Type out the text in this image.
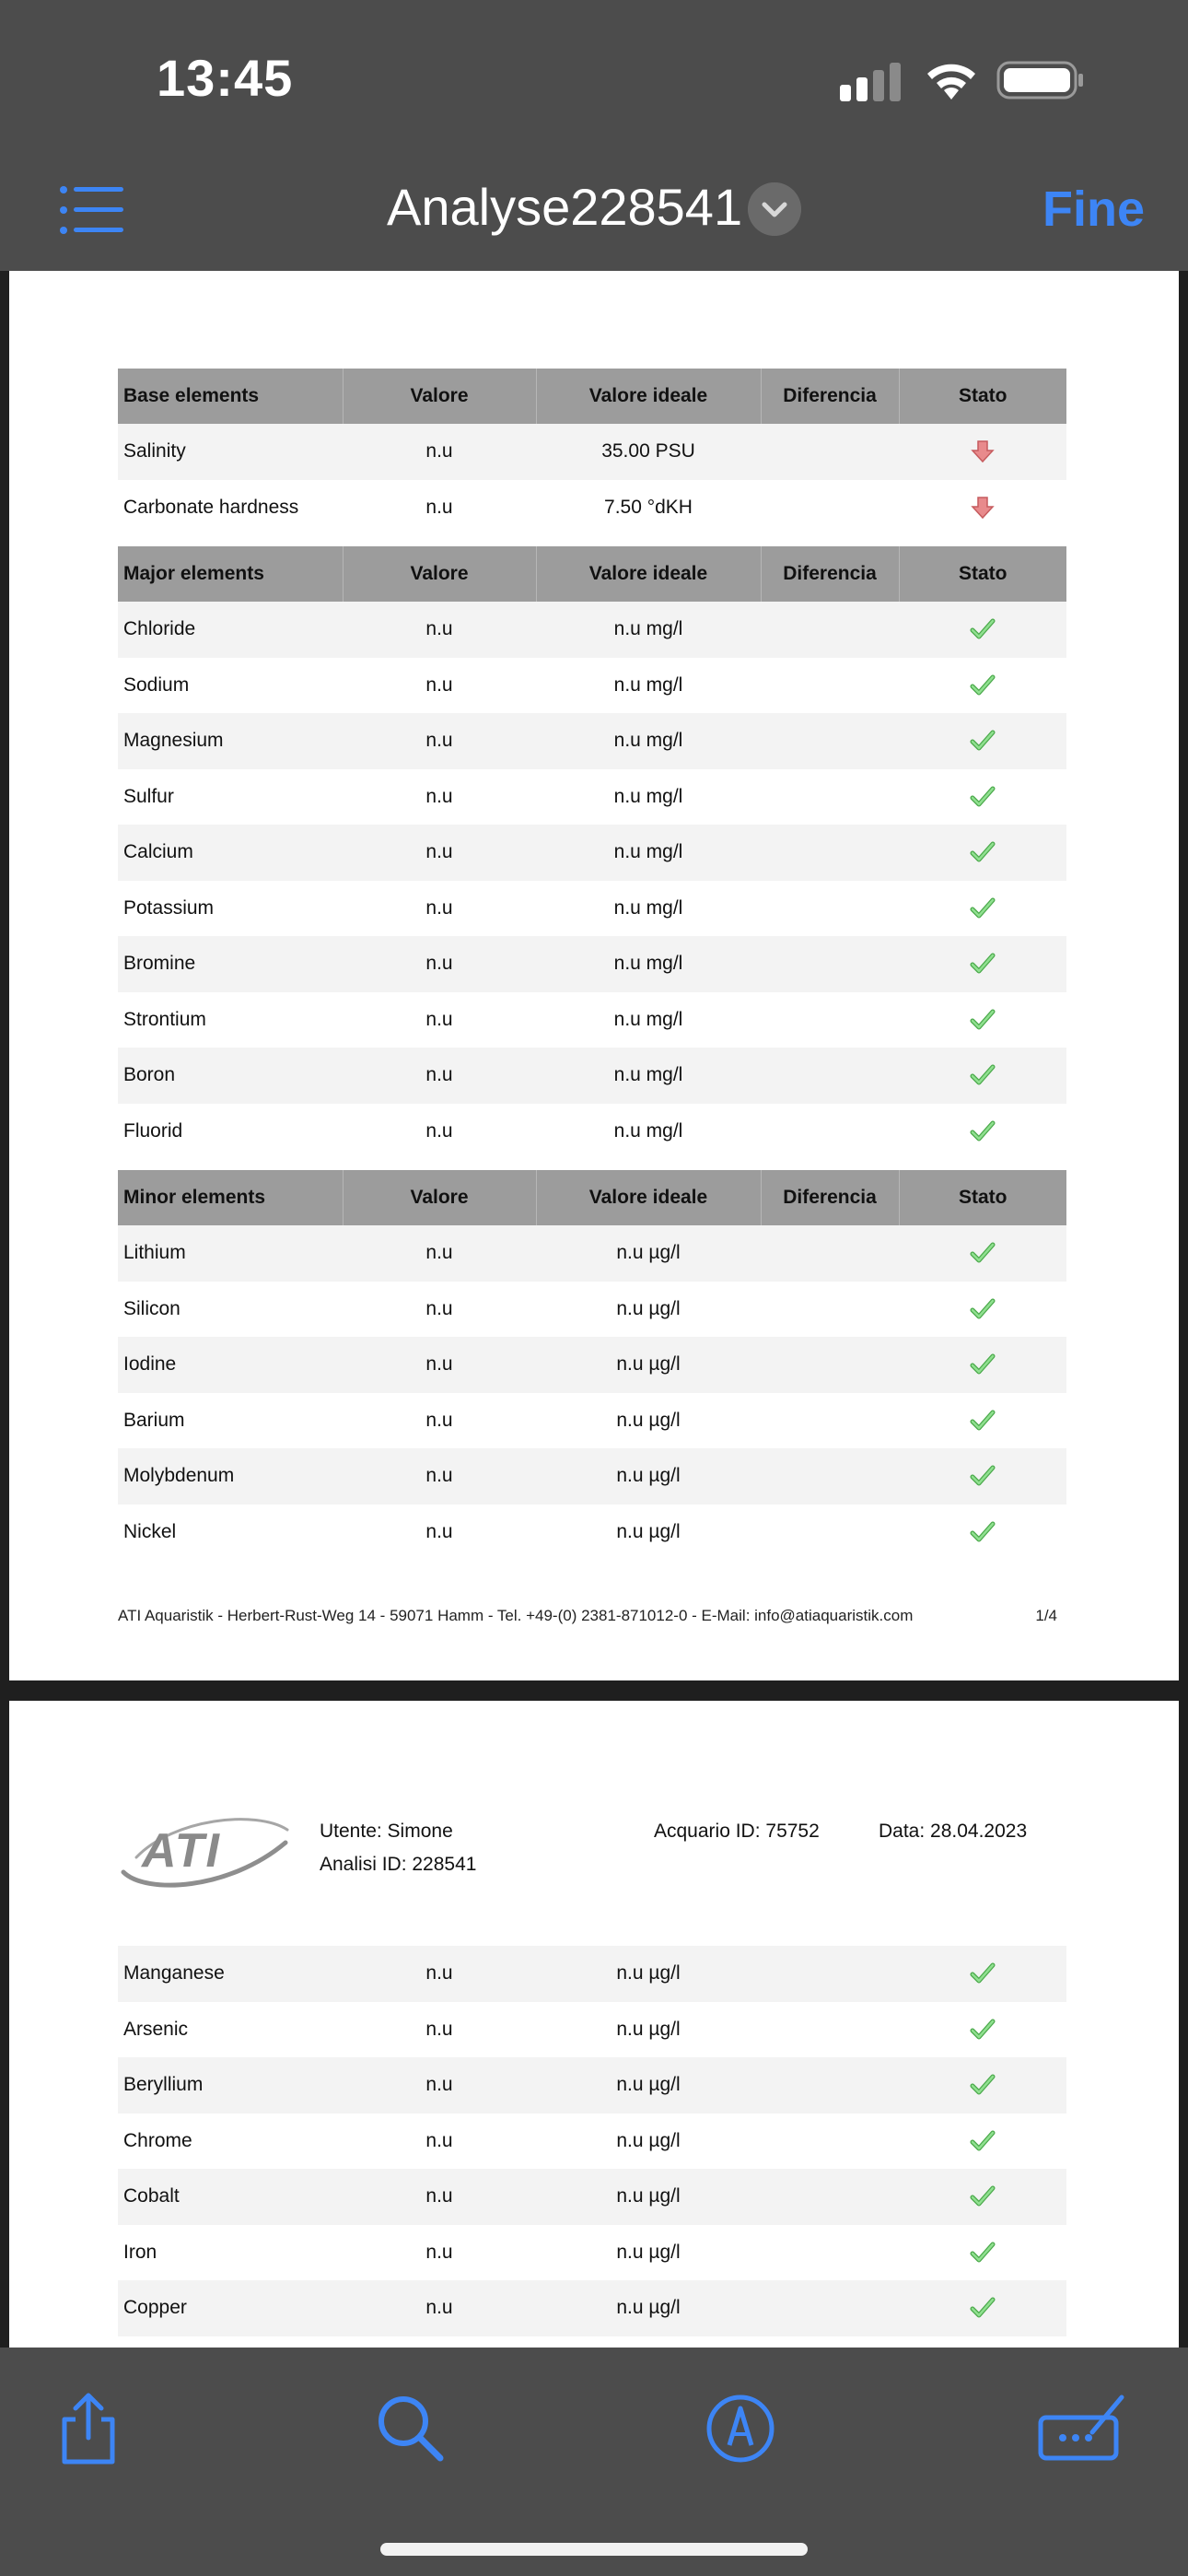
13:45
Analyse228541	Fine
Base elements	Valore	Valore ideale	Diferencia	Stato
Salinity	n.u	35.00 PSU		
Carbonate hardness	n.u	7.50 °dKH		

Major elements	Valore	Valore ideale	Diferencia	Stato
Chloride	n.u	n.u mg/l		
Sodium	n.u	n.u mg/l		
Magnesium	n.u	n.u mg/l		
Sulfur	n.u	n.u mg/l		
Calcium	n.u	n.u mg/l		
Potassium	n.u	n.u mg/l		
Bromine	n.u	n.u mg/l		
Strontium	n.u	n.u mg/l		
Boron	n.u	n.u mg/l		
Fluorid	n.u	n.u mg/l		

Minor elements	Valore	Valore ideale	Diferencia	Stato
Lithium	n.u	n.u µg/l		
Silicon	n.u	n.u µg/l		
Iodine	n.u	n.u µg/l		
Barium	n.u	n.u µg/l		
Molybdenum	n.u	n.u µg/l		
Nickel	n.u	n.u µg/l		
ATI Aquaristik - Herbert-Rust-Weg 14 - 59071 Hamm - Tel. +49-(0) 2381-871012-0 - E-Mail: info@atiaquaristik.com	1/4
ATI	Utente: Simone
Analisi ID: 228541
Acquario ID: 75752	Data: 28.04.2023
Manganese	n.u	n.u µg/l		
Arsenic	n.u	n.u µg/l		
Beryllium	n.u	n.u µg/l		
Chrome	n.u	n.u µg/l		
Cobalt	n.u	n.u µg/l		
Iron	n.u	n.u µg/l		
Copper	n.u	n.u µg/l		
